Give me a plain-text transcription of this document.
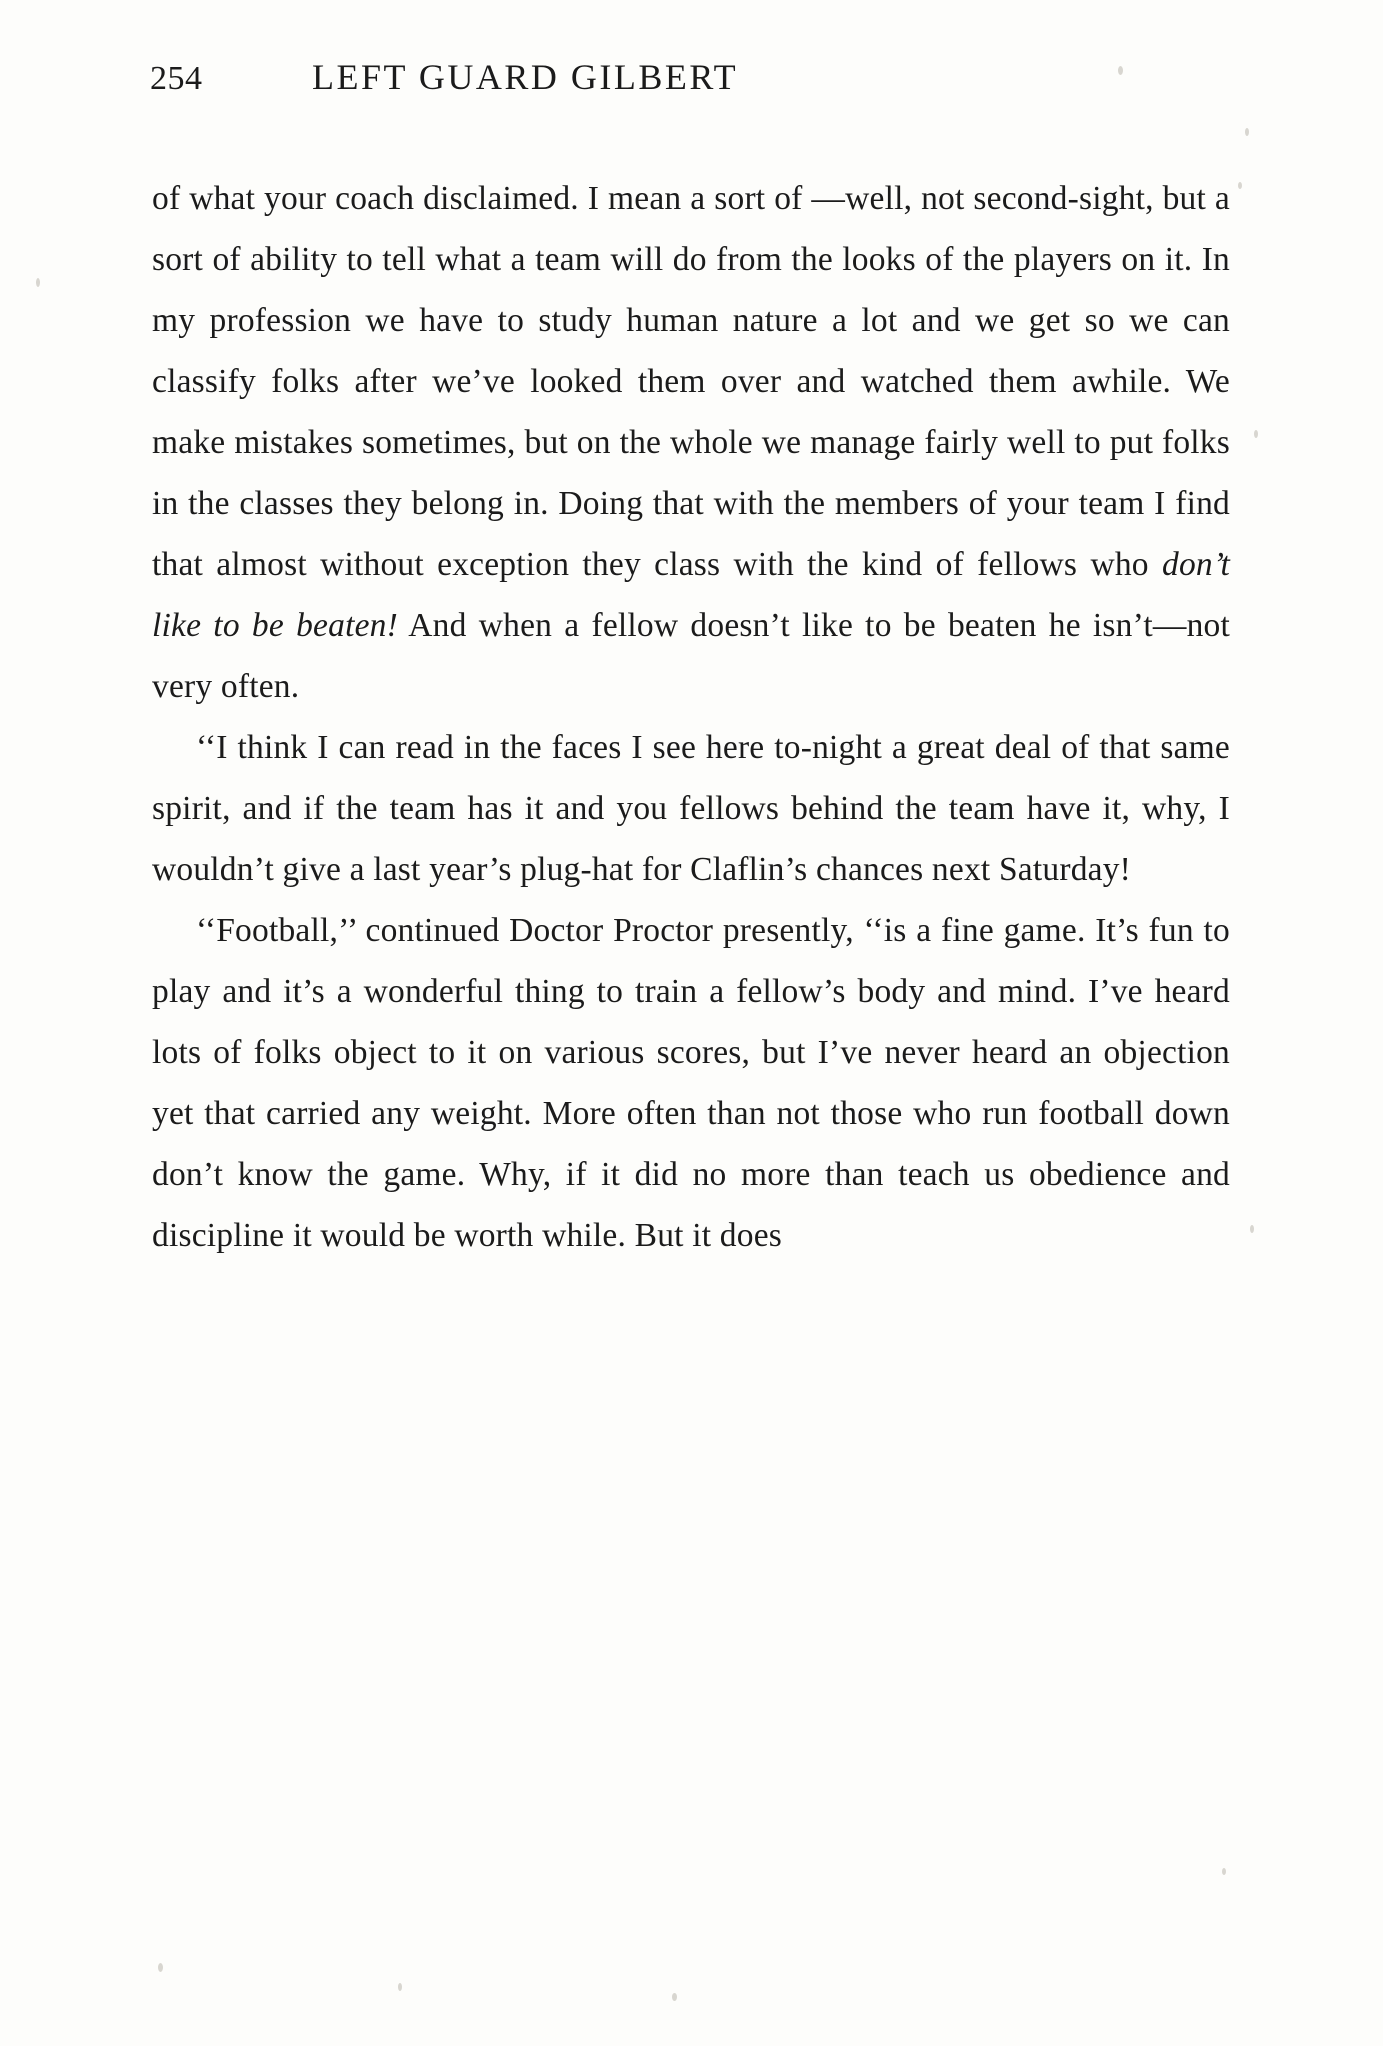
254	LEFT GUARD GILBERT

of what your coach disclaimed. I mean a sort of —well, not second-sight, but a sort of ability to tell what a team will do from the looks of the players on it. In my profession we have to study human nature a lot and we get so we can classify folks after we’ve looked them over and watched them awhile. We make mistakes sometimes, but on the whole we manage fairly well to put folks in the classes they belong in. Doing that with the members of your team I find that almost without exception they class with the kind of fellows who don’t like to be beaten! And when a fellow doesn’t like to be beaten he isn’t—not very often.

‘‘I think I can read in the faces I see here to-night a great deal of that same spirit, and if the team has it and you fellows behind the team have it, why, I wouldn’t give a last year’s plug-hat for Claflin’s chances next Saturday!

‘‘Football,’’ continued Doctor Proctor presently, ‘‘is a fine game. It’s fun to play and it’s a wonderful thing to train a fellow’s body and mind. I’ve heard lots of folks object to it on various scores, but I’ve never heard an objection yet that carried any weight. More often than not those who run football down don’t know the game. Why, if it did no more than teach us obedience and discipline it would be worth while. But it does
